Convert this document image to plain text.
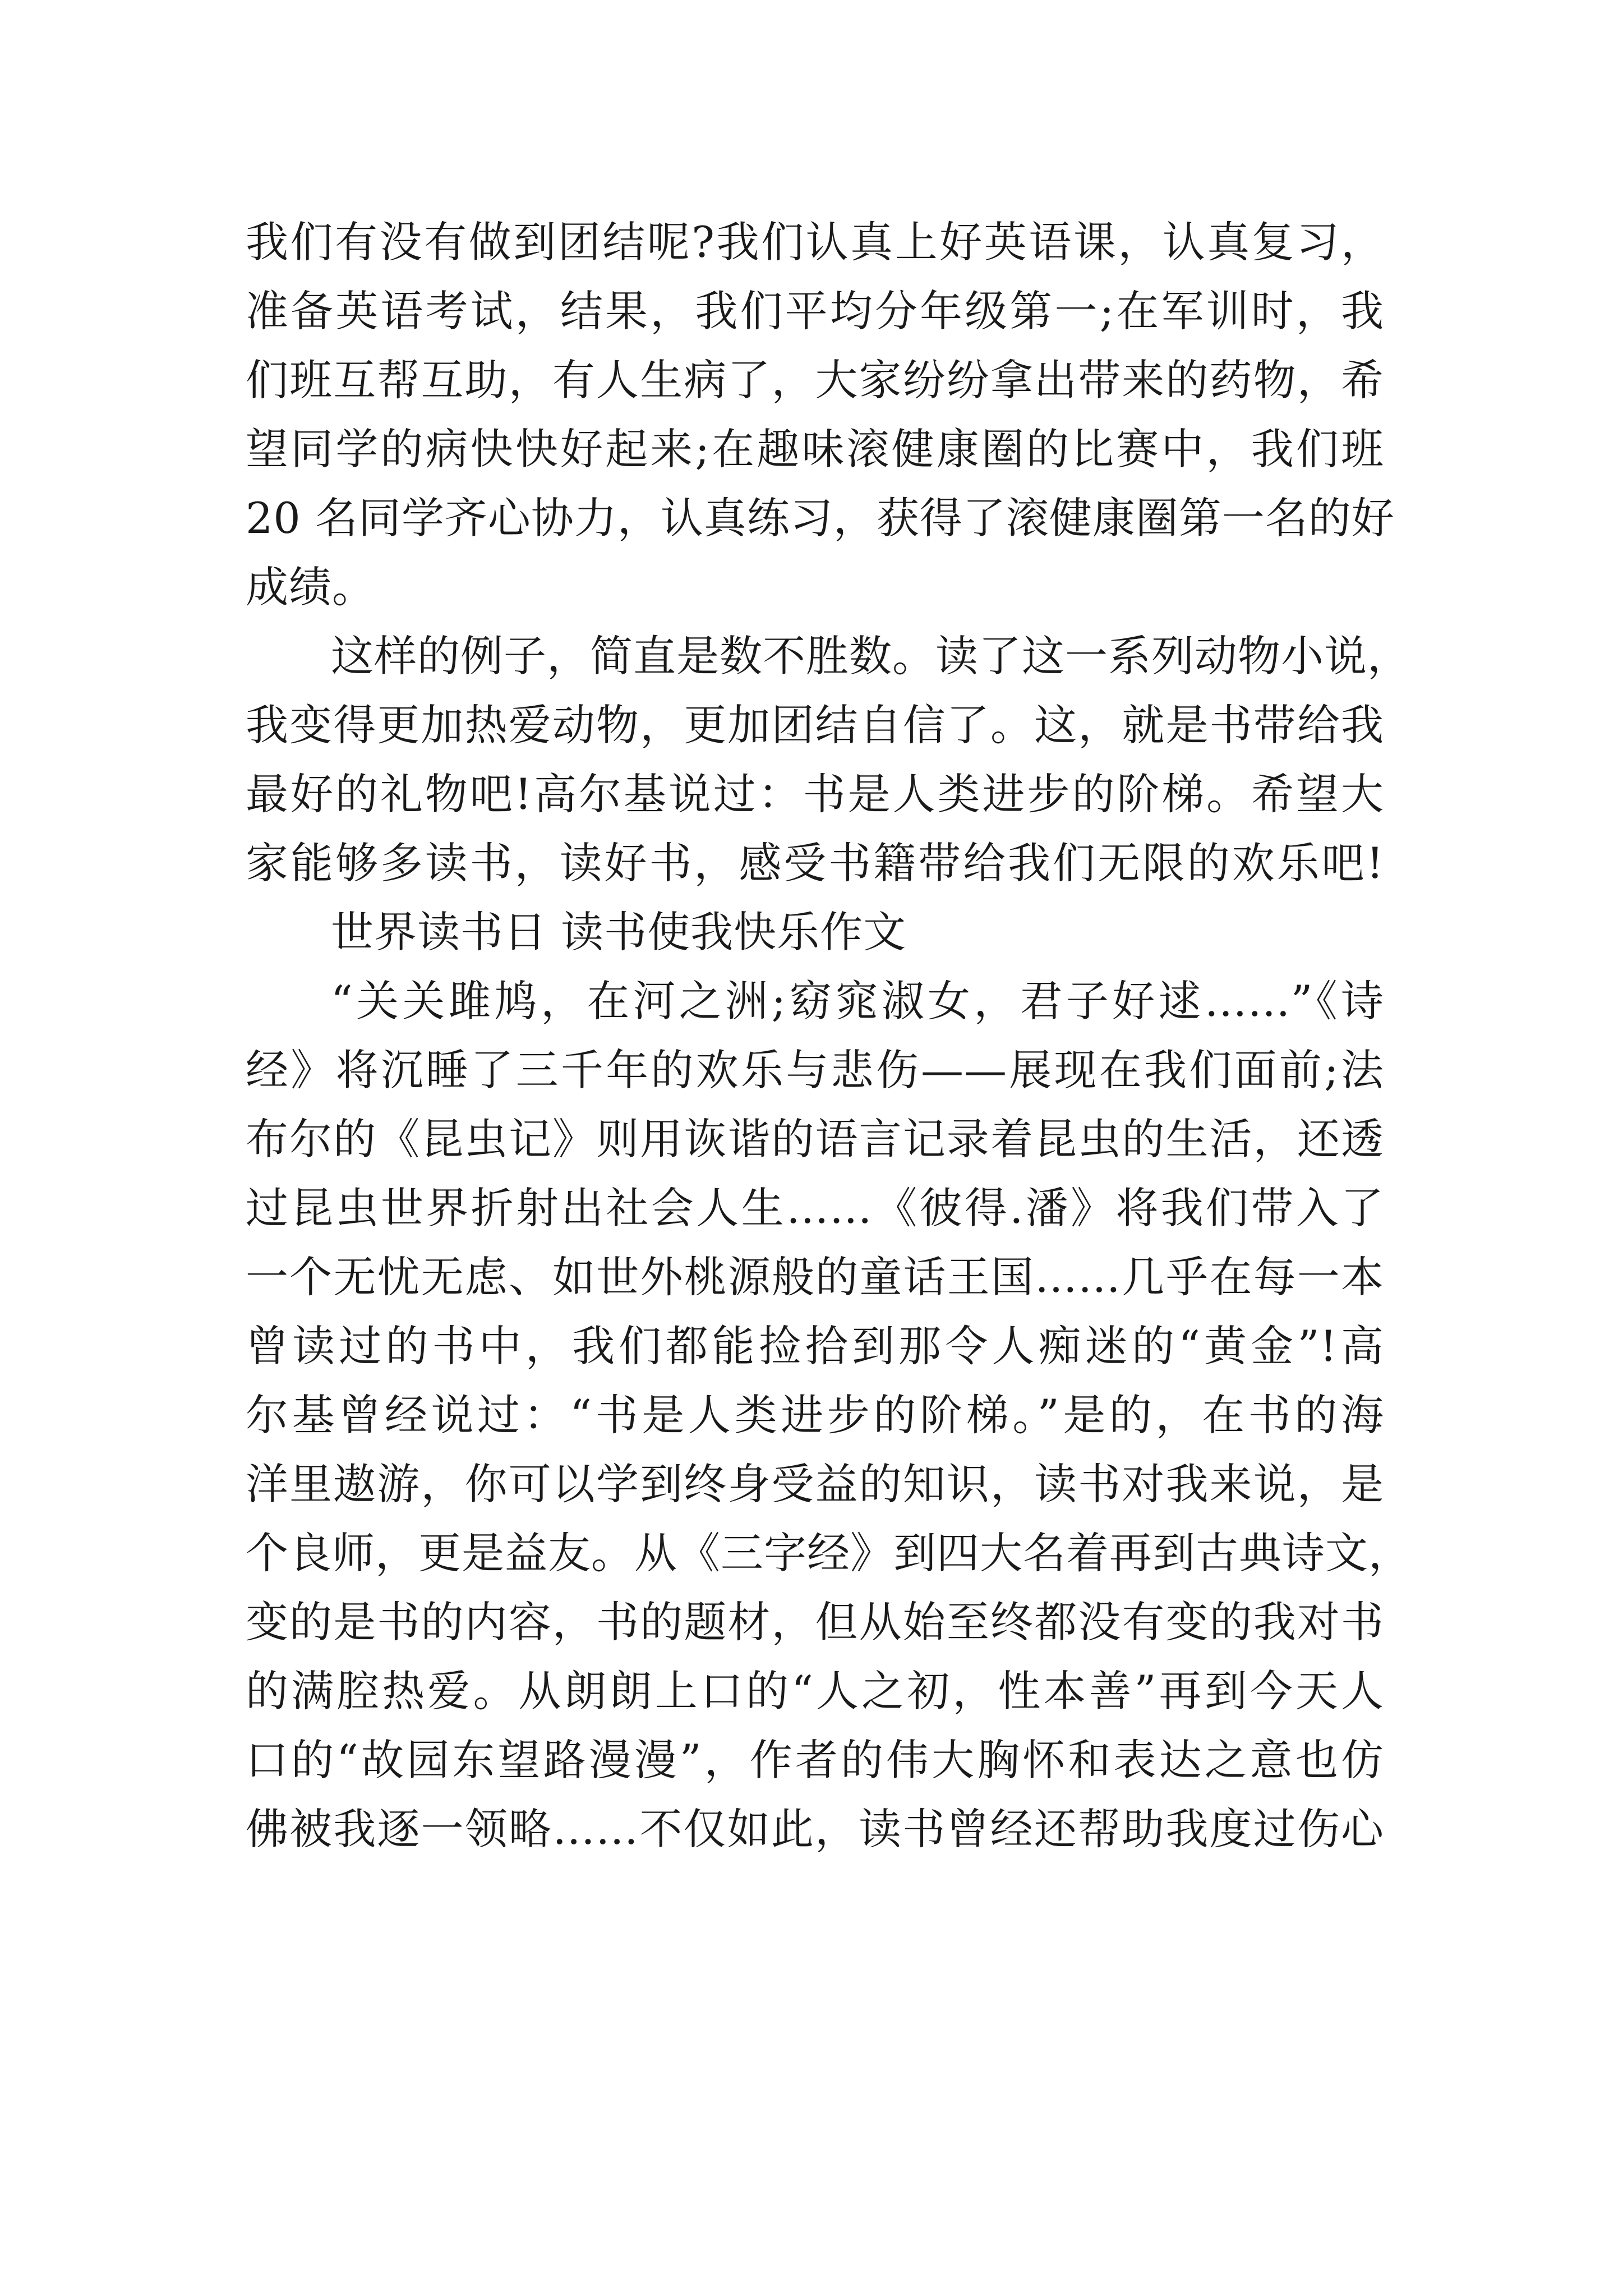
我们有没有做到团结呢?我们认真上好英语课，认真复习，
准备英语考试，结果，我们平均分年级第一;在军训时，我
们班互帮互助，有人生病了，大家纷纷拿出带来的药物，希
望同学的病快快好起来;在趣味滚健康圈的比赛中，我们班
20 名同学齐心协力，认真练习，获得了滚健康圈第一名的好
成绩。
这样的例子，简直是数不胜数。读了这一系列动物小说，
我变得更加热爱动物，更加团结自信了。这，就是书带给我
最好的礼物吧!高尔基说过：书是人类进步的阶梯。希望大
家能够多读书，读好书，感受书籍带给我们无限的欢乐吧!
世界读书日 读书使我快乐作文
“关关雎鸠，在河之洲;窈窕淑女，君子好逑……”《诗
经》将沉睡了三千年的欢乐与悲伤——展现在我们面前;法
布尔的《昆虫记》则用诙谐的语言记录着昆虫的生活，还透
过昆虫世界折射出社会人生……《彼得.潘》将我们带入了
一个无忧无虑、如世外桃源般的童话王国……几乎在每一本
曾读过的书中，我们都能捡拾到那令人痴迷的“黄金”!高
尔基曾经说过：“书是人类进步的阶梯。”是的，在书的海
洋里遨游，你可以学到终身受益的知识，读书对我来说，是
个良师，更是益友。从《三字经》到四大名着再到古典诗文，
变的是书的内容，书的题材，但从始至终都没有变的我对书
的满腔热爱。从朗朗上口的“人之初，性本善”再到今天人
口的“故园东望路漫漫”，作者的伟大胸怀和表达之意也仿
佛被我逐一领略……不仅如此，读书曾经还帮助我度过伤心
